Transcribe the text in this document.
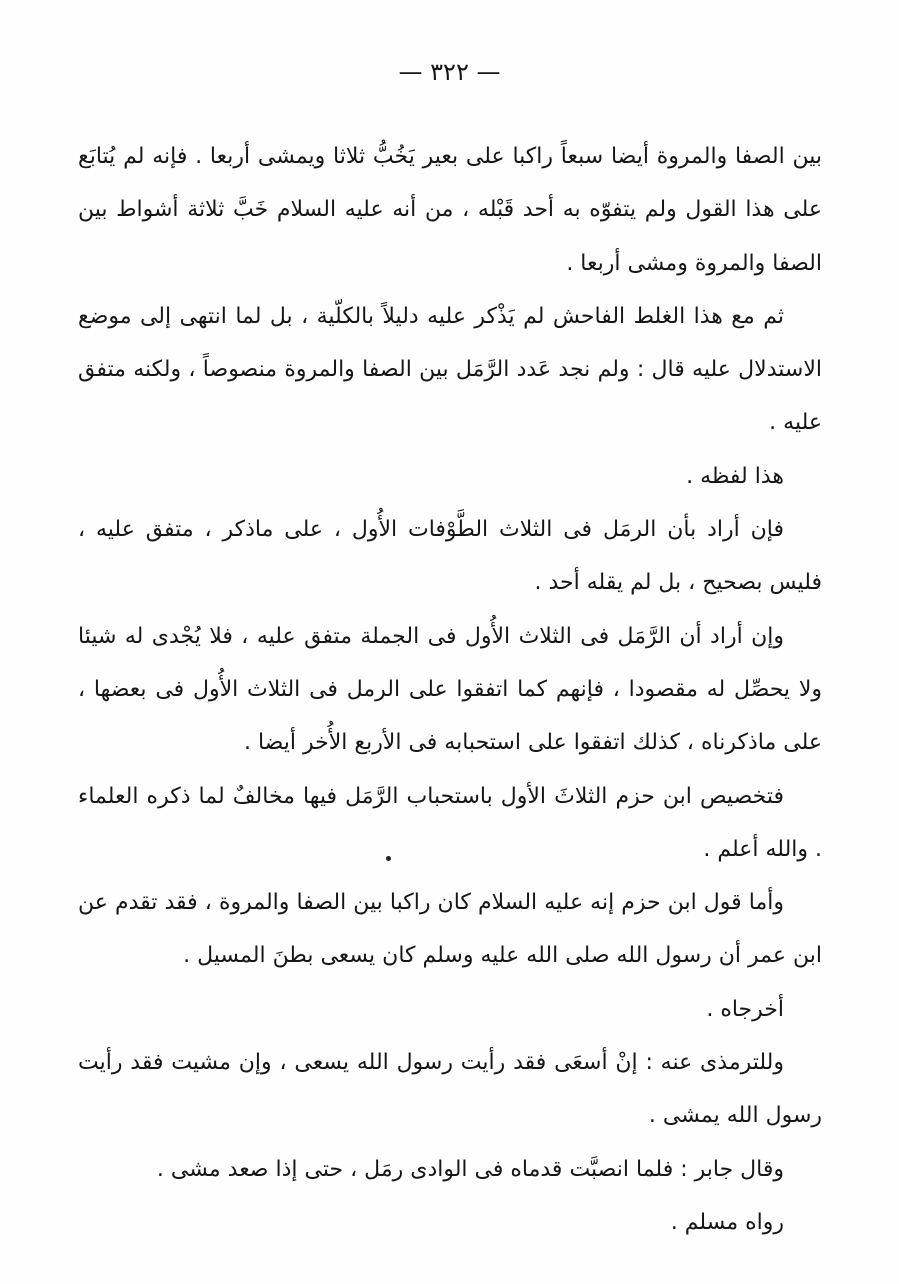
— ٣٢٢ —

بين الصفا والمروة أيضا سبعاً راكبا على بعير يَخُبُّ ثلاثا ويمشى أربعا . فإنه لم يُتابَع على هذا القول ولم يتفوّه به أحد قَبْله ، من أنه عليه السلام خَبَّ ثلاثة أشواط بين الصفا والمروة ومشى أربعا .

ثم مع هذا الغلط الفاحش لم يَذْكر عليه دليلاً بالكلّية ، بل لما انتهى إلى موضع الاستدلال عليه قال : ولم نجد عَدد الرَّمَل بين الصفا والمروة منصوصاً ، ولكنه متفق عليه .

هذا لفظه .

فإن أراد بأن الرمَل فى الثلاث الطَّوْفات الأُول ، على ماذكر ، متفق عليه ، فليس بصحيح ، بل لم يقله أحد .

وإن أراد أن الرَّمَل فى الثلاث الأُول فى الجملة متفق عليه ، فلا يُجْدى له شيئا ولا يحصِّل له مقصودا ، فإنهم كما اتفقوا على الرمل فى الثلاث الأُول فى بعضها ، على ماذكرناه ، كذلك اتفقوا على استحبابه فى الأربع الأُخر أيضا .

فتخصيص ابن حزم الثلاثَ الأول باستحباب الرَّمَل فيها مخالفٌ لما ذكره العلماء . والله أعلم .

وأما قول ابن حزم إنه عليه السلام كان راكبا بين الصفا والمروة ، فقد تقدم عن ابن عمر أن رسول الله صلى الله عليه وسلم كان يسعى بطنَ المسيل .

أخرجاه .

وللترمذى عنه : إنْ أسعَى فقد رأيت رسول الله يسعى ، وإن مشيت فقد رأيت رسول الله يمشى .

وقال جابر : فلما انصبَّت قدماه فى الوادى رمَل ، حتى إذا صعد مشى .

رواه مسلم .
